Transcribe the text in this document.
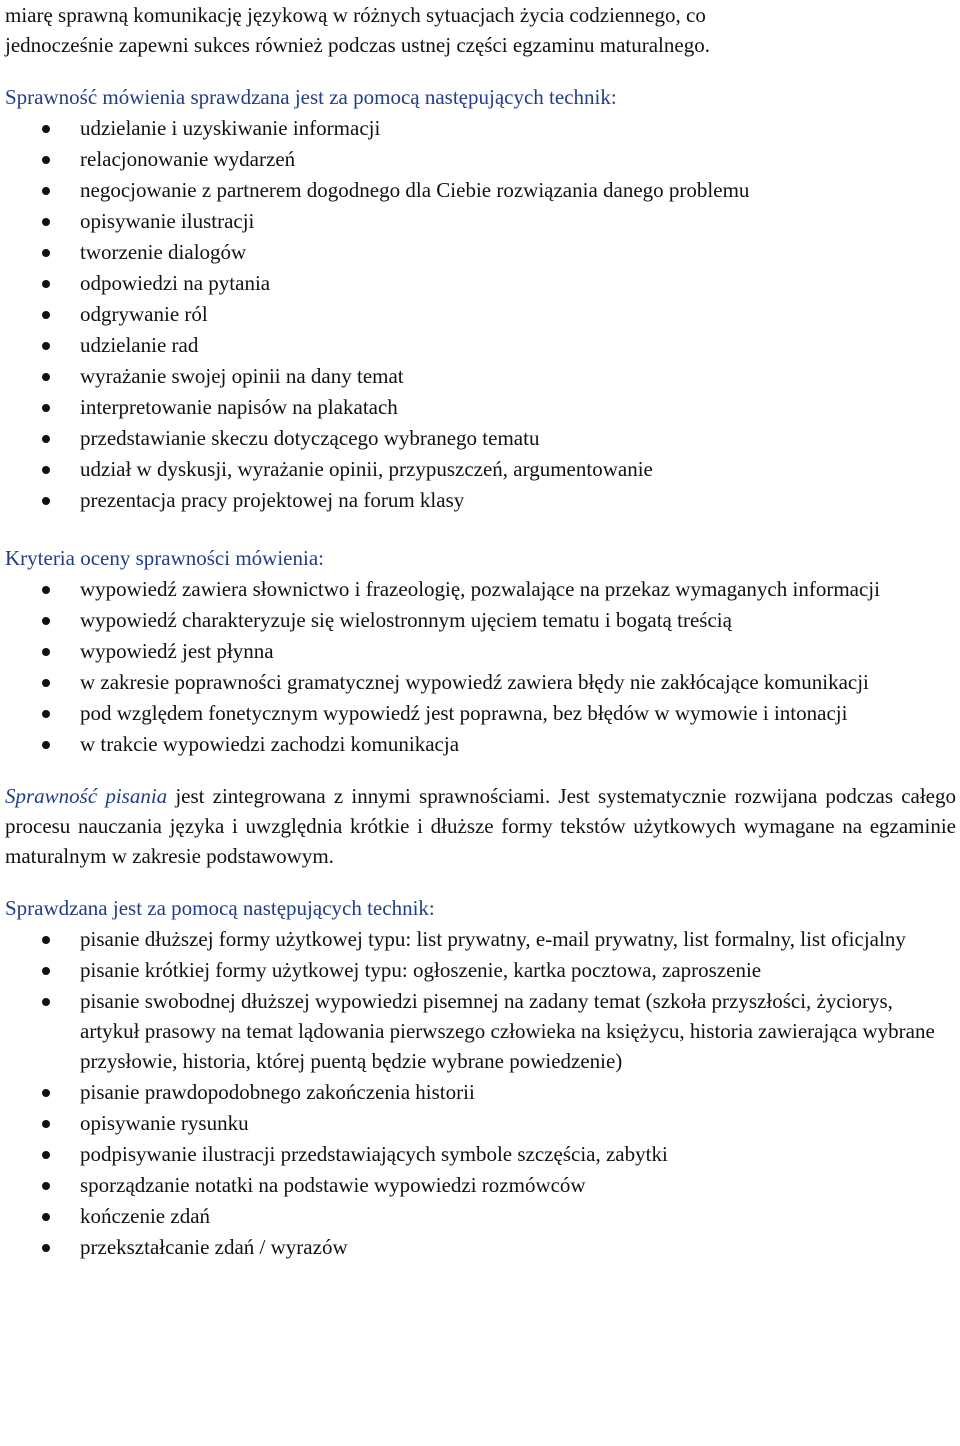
miarę sprawną komunikację językową w różnych sytuacjach życia codziennego, co
jednocześnie zapewni sukces również podczas ustnej części egzaminu maturalnego.

Sprawność mówienia sprawdzana jest za pomocą następujących technik:

udzielanie i uzyskiwanie informacji
relacjonowanie wydarzeń
negocjowanie z partnerem dogodnego dla Ciebie rozwiązania danego problemu
opisywanie ilustracji
tworzenie dialogów
odpowiedzi na pytania
odgrywanie ról
udzielanie rad
wyrażanie swojej opinii na dany temat
interpretowanie napisów na plakatach
przedstawianie skeczu dotyczącego wybranego tematu
udział w dyskusji, wyrażanie opinii, przypuszczeń, argumentowanie
prezentacja pracy projektowej na forum klasy

Kryteria oceny sprawności mówienia:

wypowiedź zawiera słownictwo i frazeologię, pozwalające na przekaz wymaganych informacji
wypowiedź charakteryzuje się wielostronnym ujęciem tematu i bogatą treścią
wypowiedź jest płynna
w zakresie poprawności gramatycznej wypowiedź zawiera błędy nie zakłócające komunikacji
pod względem fonetycznym wypowiedź jest poprawna, bez błędów w wymowie i intonacji
w trakcie wypowiedzi zachodzi komunikacja

Sprawność pisania jest zintegrowana z innymi sprawnościami. Jest systematycznie rozwijana podczas całego procesu nauczania języka i uwzględnia krótkie i dłuższe formy tekstów użytkowych wymagane na egzaminie maturalnym w zakresie podstawowym.

Sprawdzana jest za pomocą następujących technik:

pisanie dłuższej formy użytkowej typu: list prywatny, e-mail prywatny, list formalny, list oficjalny
pisanie krótkiej formy użytkowej typu: ogłoszenie, kartka pocztowa, zaproszenie
pisanie swobodnej dłuższej wypowiedzi pisemnej na zadany temat (szkoła przyszłości, życiorys, artykuł prasowy na temat lądowania pierwszego człowieka na księżycu, historia zawierająca wybrane przysłowie, historia, której puentą będzie wybrane powiedzenie)
pisanie prawdopodobnego zakończenia historii
opisywanie rysunku
podpisywanie ilustracji przedstawiających symbole szczęścia, zabytki
sporządzanie notatki na podstawie wypowiedzi rozmówców
kończenie zdań
przekształcanie zdań / wyrazów
